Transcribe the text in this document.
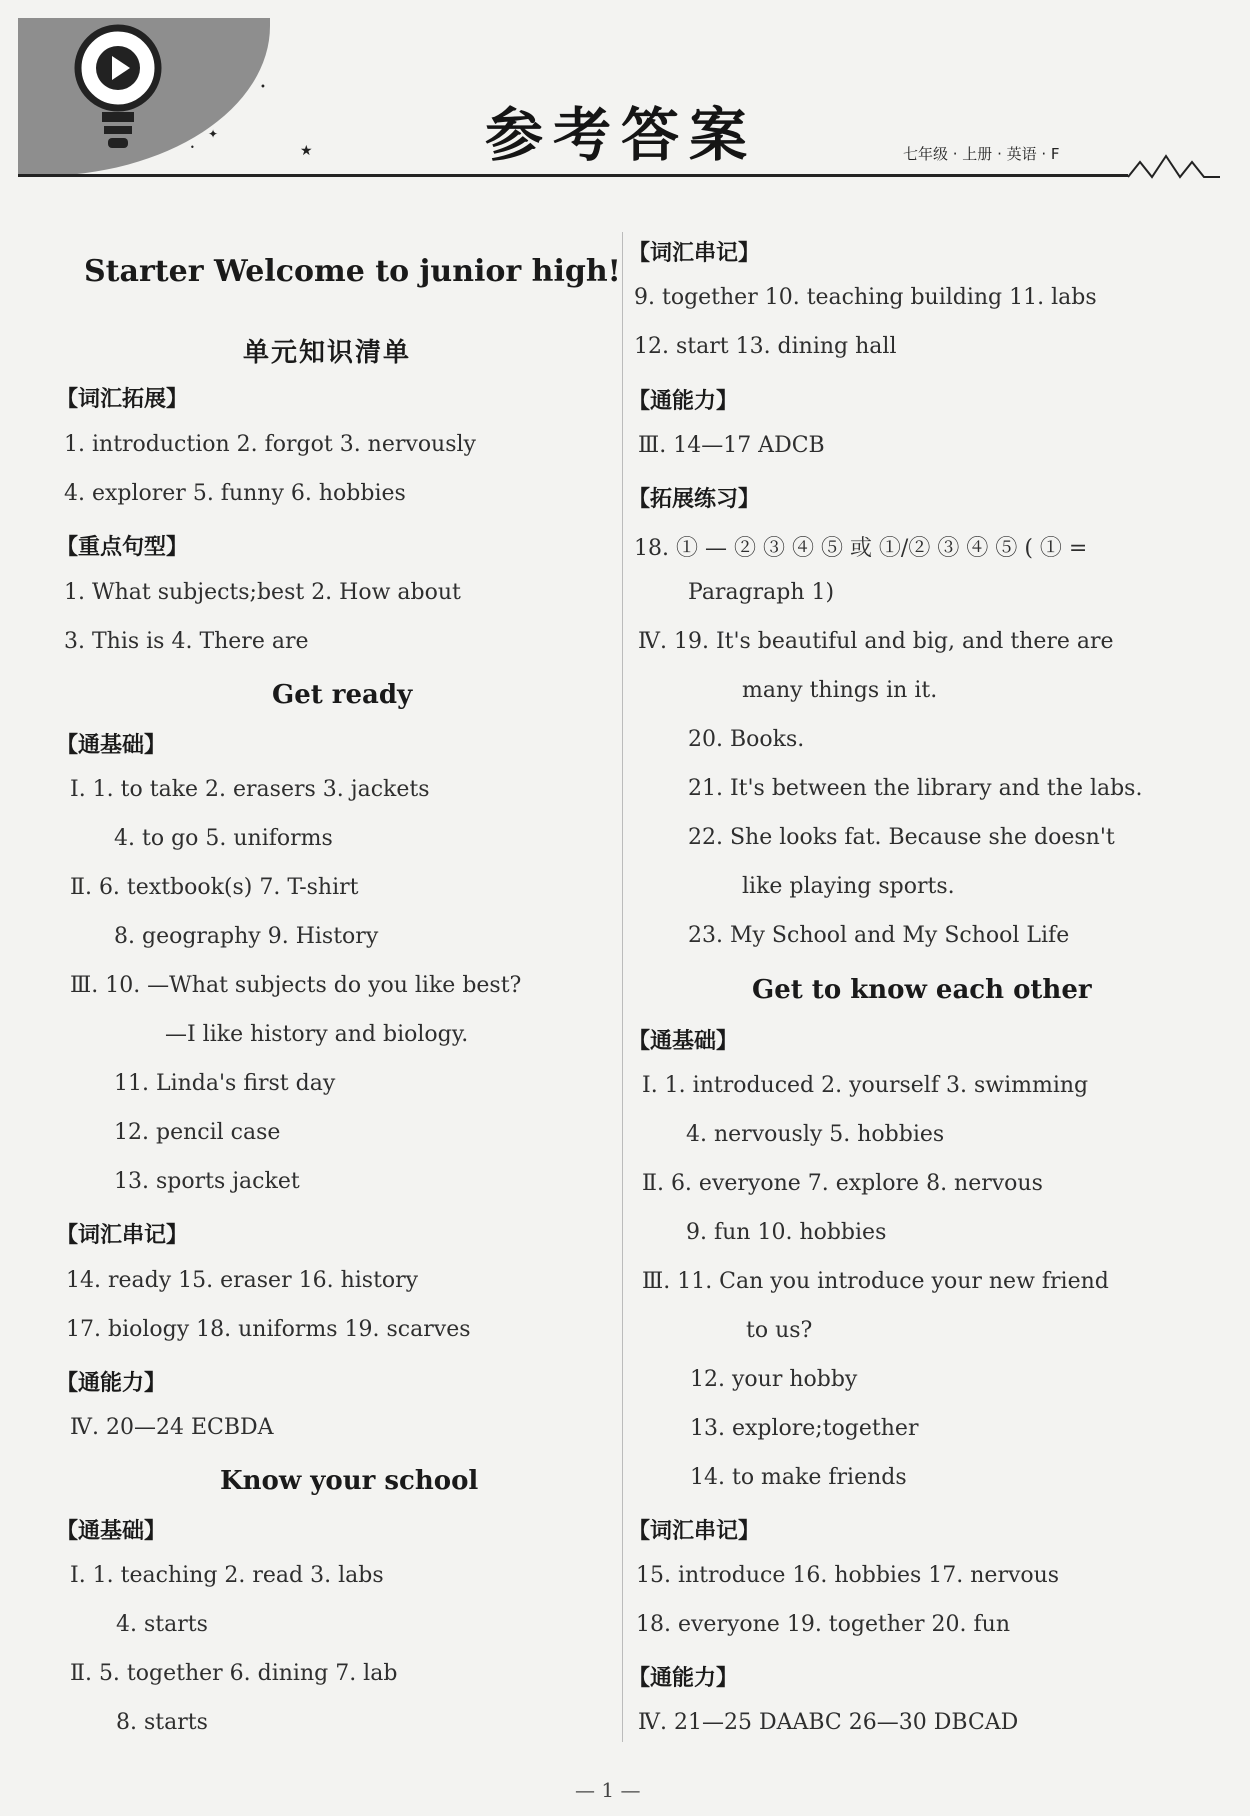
•
✦
•	★	参考答案	七年级 · 上册 · 英语 · F
Starter Welcome to junior high!
单元知识清单
【词汇拓展】
1. introduction 2. forgot 3. nervously
4. explorer 5. funny 6. hobbies
【重点句型】
1. What subjects;best 2. How about
3. This is 4. There are
Get ready
【通基础】
Ⅰ. 1. to take 2. erasers 3. jackets
4. to go 5. uniforms
Ⅱ. 6. textbook(s) 7. T-shirt
8. geography 9. History
Ⅲ. 10. —What subjects do you like best?
—I like history and biology.
11. Linda's first day
12. pencil case
13. sports jacket
【词汇串记】
14. ready 15. eraser 16. history
17. biology 18. uniforms 19. scarves
【通能力】
Ⅳ. 20—24 ECBDA
Know your school
【通基础】
Ⅰ. 1. teaching 2. read 3. labs
4. starts
Ⅱ. 5. together 6. dining 7. lab
8. starts
【词汇串记】
9. together 10. teaching building 11. labs
12. start 13. dining hall
【通能力】
Ⅲ. 14—17 ADCB
【拓展练习】
18. ① — ② ③ ④ ⑤ 或 ①/② ③ ④ ⑤ ( ① =
Paragraph 1)
Ⅳ. 19. It's beautiful and big, and there are
many things in it.
20. Books.
21. It's between the library and the labs.
22. She looks fat. Because she doesn't
like playing sports.
23. My School and My School Life
Get to know each other
【通基础】
Ⅰ. 1. introduced 2. yourself 3. swimming
4. nervously 5. hobbies
Ⅱ. 6. everyone 7. explore 8. nervous
9. fun 10. hobbies
Ⅲ. 11. Can you introduce your new friend
to us?
12. your hobby
13. explore;together
14. to make friends
【词汇串记】
15. introduce 16. hobbies 17. nervous
18. everyone 19. together 20. fun
【通能力】
Ⅳ. 21—25 DAABC 26—30 DBCAD
— 1 —
